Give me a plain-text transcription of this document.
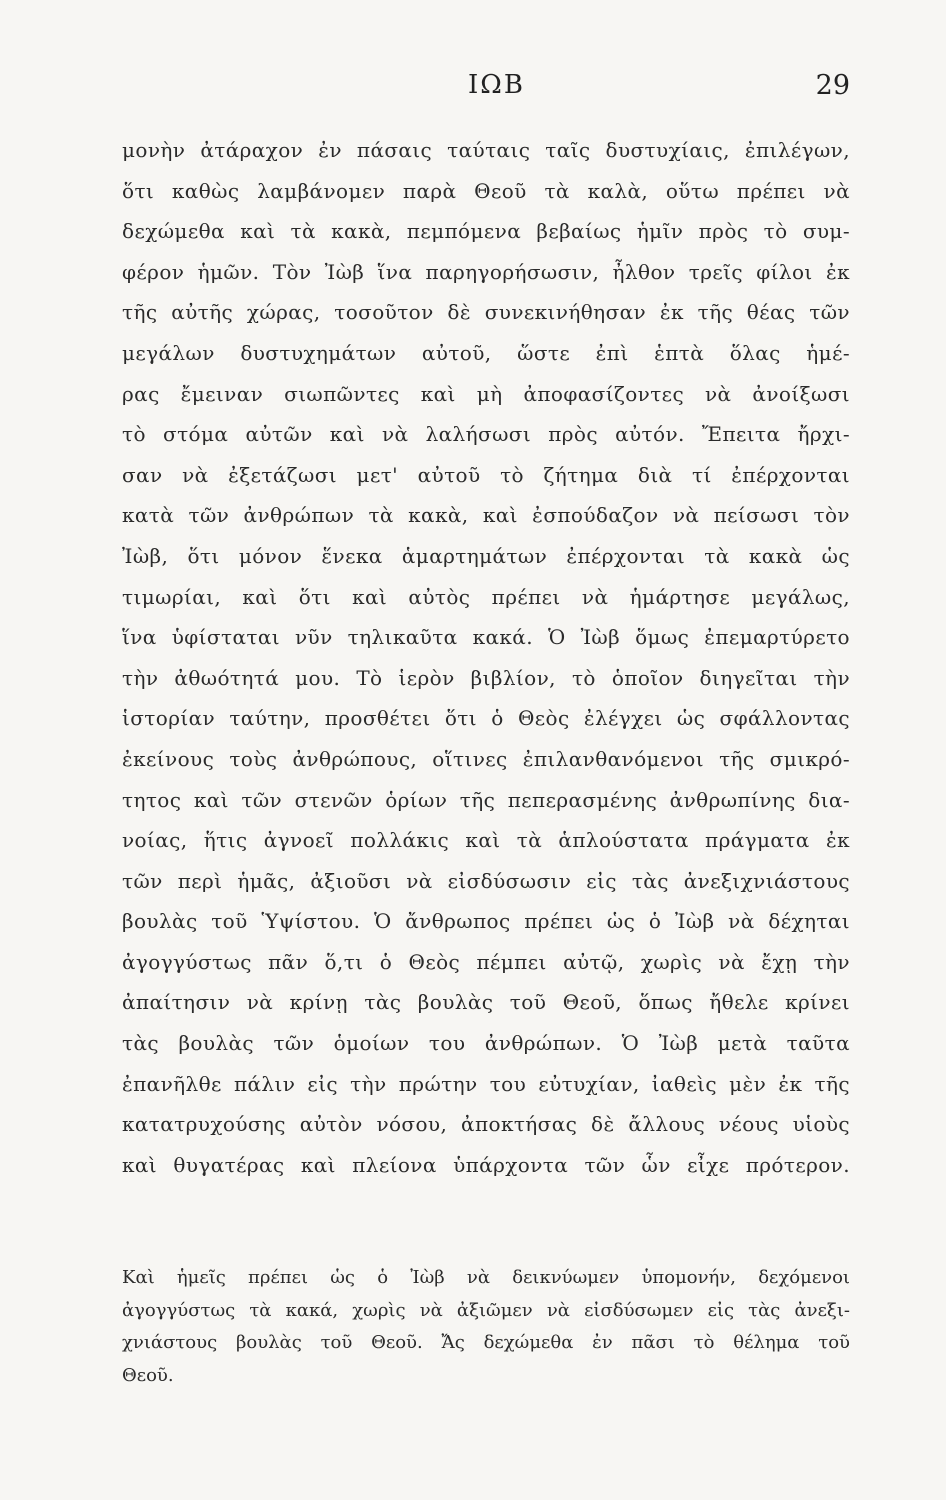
ΙΩΒ	29
μονὴν ἀτάραχον ἐν πάσαις ταύταις ταῖς δυστυχίαις, ἐπιλέγων,
ὅτι καθὼς λαμβάνομεν παρὰ Θεοῦ τὰ καλὰ, οὕτω πρέπει νὰ
δεχώμεθα καὶ τὰ κακὰ, πεμπόμενα βεβαίως ἡμῖν πρὸς τὸ συμ-
φέρον ἡμῶν. Τὸν Ἰὼβ ἵνα παρηγορήσωσιν, ἦλθον τρεῖς φίλοι ἐκ
τῆς αὐτῆς χώρας, τοσοῦτον δὲ συνεκινήθησαν ἐκ τῆς θέας τῶν
μεγάλων δυστυχημάτων αὐτοῦ, ὥστε ἐπὶ ἑπτὰ ὅλας ἡμέ-
ρας ἔμειναν σιωπῶντες καὶ μὴ ἀποφασίζοντες νὰ ἀνοίξωσι
τὸ στόμα αὐτῶν καὶ νὰ λαλήσωσι πρὸς αὐτόν. Ἔπειτα ἤρχι-
σαν νὰ ἐξετάζωσι μετ' αὐτοῦ τὸ ζήτημα διὰ τί ἐπέρχονται
κατὰ τῶν ἀνθρώπων τὰ κακὰ, καὶ ἐσπούδαζον νὰ πείσωσι τὸν
Ἰὼβ, ὅτι μόνον ἕνεκα ἁμαρτημάτων ἐπέρχονται τὰ κακὰ ὡς
τιμωρίαι, καὶ ὅτι καὶ αὐτὸς πρέπει νὰ ἡμάρτησε μεγάλως,
ἵνα ὑφίσταται νῦν τηλικαῦτα κακά. Ὁ Ἰὼβ ὅμως ἐπεμαρτύρετο
τὴν ἀθωότητά μου. Τὸ ἱερὸν βιβλίον, τὸ ὁποῖον διηγεῖται τὴν
ἱστορίαν ταύτην, προσθέτει ὅτι ὁ Θεὸς ἐλέγχει ὡς σφάλλοντας
ἐκείνους τοὺς ἀνθρώπους, οἵτινες ἐπιλανθανόμενοι τῆς σμικρό-
τητος καὶ τῶν στενῶν ὁρίων τῆς πεπερασμένης ἀνθρωπίνης δια-
νοίας, ἥτις ἀγνοεῖ πολλάκις καὶ τὰ ἁπλούστατα πράγματα ἐκ
τῶν περὶ ἡμᾶς, ἀξιοῦσι νὰ εἰσδύσωσιν εἰς τὰς ἀνεξιχνιάστους
βουλὰς τοῦ Ὑψίστου. Ὁ ἄνθρωπος πρέπει ὡς ὁ Ἰὼβ νὰ δέχηται
ἀγογγύστως πᾶν ὅ,τι ὁ Θεὸς πέμπει αὐτῷ, χωρὶς νὰ ἔχῃ τὴν
ἀπαίτησιν νὰ κρίνῃ τὰς βουλὰς τοῦ Θεοῦ, ὅπως ἤθελε κρίνει
τὰς βουλὰς τῶν ὁμοίων του ἀνθρώπων. Ὁ Ἰὼβ μετὰ ταῦτα
ἐπανῆλθε πάλιν εἰς τὴν πρώτην του εὐτυχίαν, ἰαθεὶς μὲν ἐκ τῆς
κατατρυχούσης αὐτὸν νόσου, ἀποκτήσας δὲ ἄλλους νέους υἱοὺς
καὶ θυγατέρας καὶ πλείονα ὑπάρχοντα τῶν ὧν εἶχε πρότερον.
Καὶ ἡμεῖς πρέπει ὡς ὁ Ἰὼβ νὰ δεικνύωμεν ὑπομονήν, δεχόμενοι
ἀγογγύστως τὰ κακά, χωρὶς νὰ ἀξιῶμεν νὰ εἰσδύσωμεν εἰς τὰς ἀνεξι-
χνιάστους βουλὰς τοῦ Θεοῦ. Ἄς δεχώμεθα ἐν πᾶσι τὸ θέλημα τοῦ
Θεοῦ.
